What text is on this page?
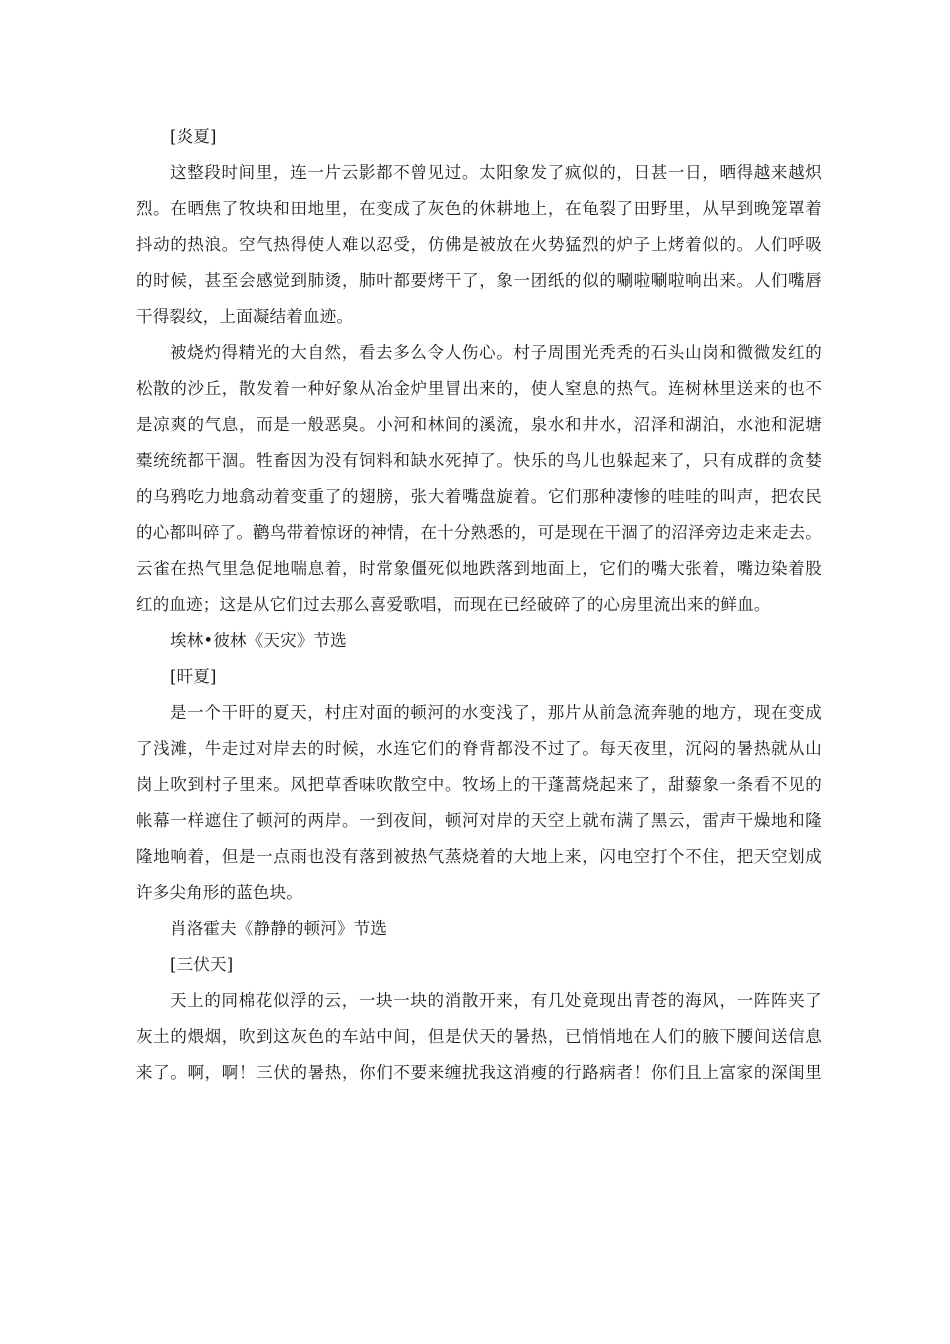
[炎夏]
这整段时间里，连一片云影都不曾见过。太阳象发了疯似的，日甚一日，晒得越来越炽
烈。在晒焦了牧块和田地里，在变成了灰色的休耕地上，在龟裂了田野里，从早到晚笼罩着
抖动的热浪。空气热得使人难以忍受，仿佛是被放在火势猛烈的炉子上烤着似的。人们呼吸
的时候，甚至会感觉到肺烫，肺叶都要烤干了，象一团纸的似的唰啦唰啦响出来。人们嘴唇
干得裂纹，上面凝结着血迹。
被烧灼得精光的大自然，看去多么令人伤心。村子周围光秃秃的石头山岗和微微发红的
松散的沙丘，散发着一种好象从冶金炉里冒出来的，使人窒息的热气。连树林里送来的也不
是凉爽的气息，而是一般恶臭。小河和林间的溪流，泉水和井水，沼泽和湖泊，水池和泥塘
橐统统都干涸。牲畜因为没有饲料和缺水死掉了。快乐的鸟儿也躲起来了，只有成群的贪婪
的乌鸦吃力地翕动着变重了的翅膀，张大着嘴盘旋着。它们那种凄惨的哇哇的叫声，把农民
的心都叫碎了。鹳鸟带着惊讶的神情，在十分熟悉的，可是现在干涸了的沼泽旁边走来走去。
云雀在热气里急促地喘息着，时常象僵死似地跌落到地面上，它们的嘴大张着，嘴边染着股
红的血迹；这是从它们过去那么喜爱歌唱，而现在已经破碎了的心房里流出来的鲜血。
埃林•彼林《天灾》节选
[旰夏]
是一个干旰的夏天，村庄对面的顿河的水变浅了，那片从前急流奔驰的地方，现在变成
了浅滩，牛走过对岸去的时候，水连它们的脊背都没不过了。每天夜里，沉闷的暑热就从山
岗上吹到村子里来。风把草香味吹散空中。牧场上的干蓬蒿烧起来了，甜藜象一条看不见的
帐幕一样遮住了顿河的两岸。一到夜间，顿河对岸的天空上就布满了黑云，雷声干燥地和隆
隆地响着，但是一点雨也没有落到被热气蒸烧着的大地上来，闪电空打个不住，把天空划成
许多尖角形的蓝色块。
肖洛霍夫《静静的顿河》节选
[三伏天]
天上的同棉花似浮的云，一块一块的消散开来，有几处竟现出青苍的海风，一阵阵夹了
灰土的煨烟，吹到这灰色的车站中间，但是伏天的暑热，已悄悄地在人们的腋下腰间送信息
来了。啊，啊！三伏的暑热，你们不要来缠扰我这消瘦的行路病者！你们且上富家的深闺里
